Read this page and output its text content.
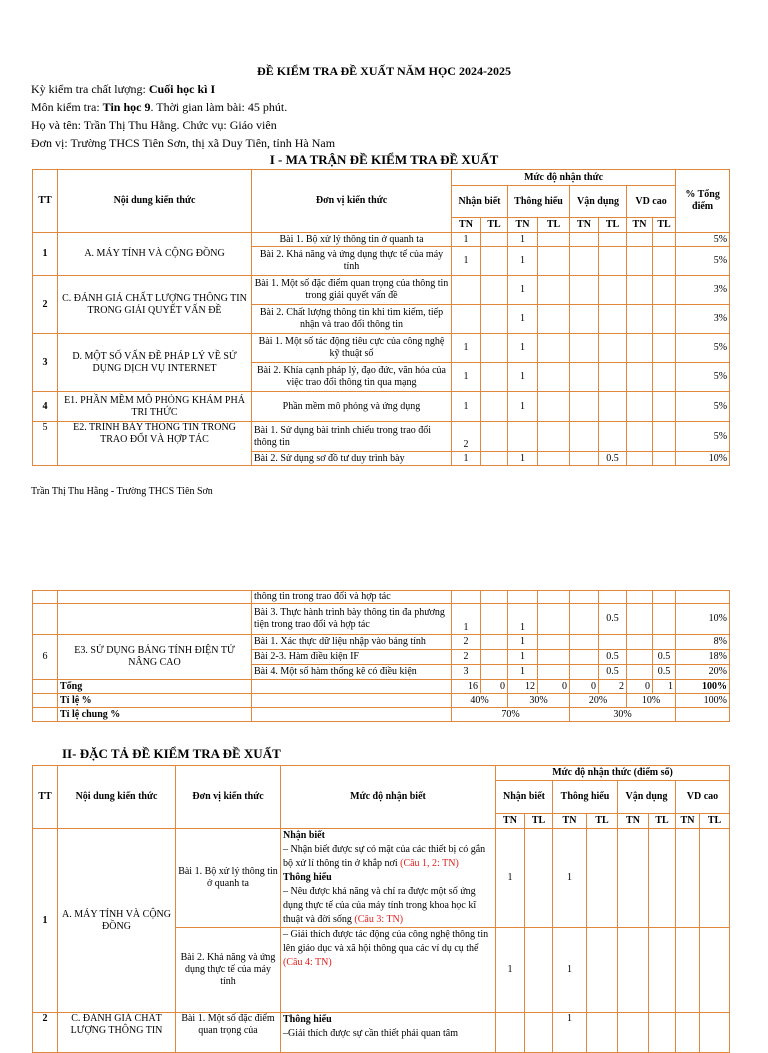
ĐỀ KIỂM TRA ĐỀ XUẤT NĂM HỌC 2024-2025
Kỳ kiểm tra chất lượng: Cuối học kì I
Môn kiểm tra: Tin học 9. Thời gian làm bài: 45 phút.
Họ và tên: Trần Thị Thu Hằng. Chức vụ: Giáo viên
Đơn vị: Trường THCS Tiên Sơn, thị xã Duy Tiên, tỉnh Hà Nam
I - MA TRẬN ĐỀ KIỂM TRA ĐỀ XUẤT
TT	Nội dung kiến thức	Đơn vị kiến thức	Mức độ nhận thức								% Tổng điểm
			Nhận biết		Thông hiểu		Vận dụng		VD cao		
			TN	TL	TN	TL	TN	TL	TN	TL	
1	A. MÁY TÍNH VÀ CỘNG ĐỒNG	Bài 1. Bộ xử lý thông tin ở quanh ta	1		1						5%
		Bài 2. Khả năng và ứng dụng thực tế của máy tính	1		1						5%
2	C. ĐÁNH GIÁ CHẤT LƯỢNG THÔNG TIN TRONG GIẢI QUYẾT VẤN ĐỀ	Bài 1. Một số đặc điểm quan trọng của thông tin trong giải quyết vấn đề			1						3%
		Bài 2. Chất lượng thông tin khi tìm kiếm, tiếp nhận và trao đổi thông tin			1						3%
3	D. MỘT SỐ VẤN ĐỀ PHÁP LÝ VỀ SỬ DỤNG DỊCH VỤ INTERNET	Bài 1. Một số tác động tiêu cực của công nghệ kỹ thuật số	1		1						5%
		Bài 2. Khía cạnh pháp lý, đạo đức, văn hóa của việc trao đổi thông tin qua mạng	1		1						5%
4	E1. PHẦN MỀM MÔ PHỎNG KHÁM PHÁ TRI THỨC	Phần mềm mô phỏng và ứng dụng	1		1						5%
5	E2. TRÌNH BÀY THÔNG TIN TRONG TRAO ĐỔI VÀ HỢP TÁC	Bài 1. Sử dụng bài trình chiếu trong trao đổi thông tin	2								5%
		Bài 2. Sử dụng sơ đồ tư duy trình bày	1		1			0.5			10%
Trần Thị Thu Hằng - Trường THCS Tiên Sơn
		thông tin trong trao đổi và hợp tác									
		Bài 3. Thực hành trình bày thông tin đa phương tiện trong trao đổi và hợp tác	1		1			0.5			10%
6	E3. SỬ DỤNG BẢNG TÍNH ĐIỆN TỬ NÂNG CAO	Bài 1. Xác thực dữ liệu nhập vào bảng tính	2		1						8%
		Bài 2-3. Hàm điều kiện IF	2		1			0.5		0.5	18%
		Bài 4. Một số hàm thống kê có điều kiện	3		1			0.5		0.5	20%
	Tổng		16	0	12	0	0	2	0	1	100%
	Tỉ lệ %		40%		30%		20%		10%		100%
	Tỉ lệ chung %		70%				30%				
II- ĐẶC TẢ ĐỀ KIỂM TRA ĐỀ XUẤT
TT	Nội dung kiến thức	Đơn vị kiến thức	Mức độ nhận biết	Mức độ nhận thức (điểm số)							
				Nhận biết		Thông hiểu		Vận dụng		VD cao	
				TN	TL	TN	TL	TN	TL	TN	TL
1	A. MÁY TÍNH VÀ CỘNG ĐỒNG	Bài 1. Bộ xử lý thông tin ở quanh ta	Nhận biết
– Nhận biết được sự có mặt của các thiết bị có gắn bộ xử lí thông tin ở khắp nơi (Câu 1, 2: TN)
Thông hiểu
– Nêu được khả năng và chỉ ra được một số ứng dụng thực tế của của máy tính trong khoa học kĩ thuật và đời sống (Câu 3: TN)	1		1					
		Bài 2. Khả năng và ứng dụng thực tế của máy tính	– Giải thích được tác động của công nghệ thông tin lên giáo dục và xã hội thông qua các ví dụ cụ thể (Câu 4: TN)	1		1					
2	C. ĐÁNH GIÁ CHẤT LƯỢNG THÔNG TIN	Bài 1. Một số đặc điểm quan trọng của	Thông hiểu
–Giải thích được sự cần thiết phải quan tâm			1					
